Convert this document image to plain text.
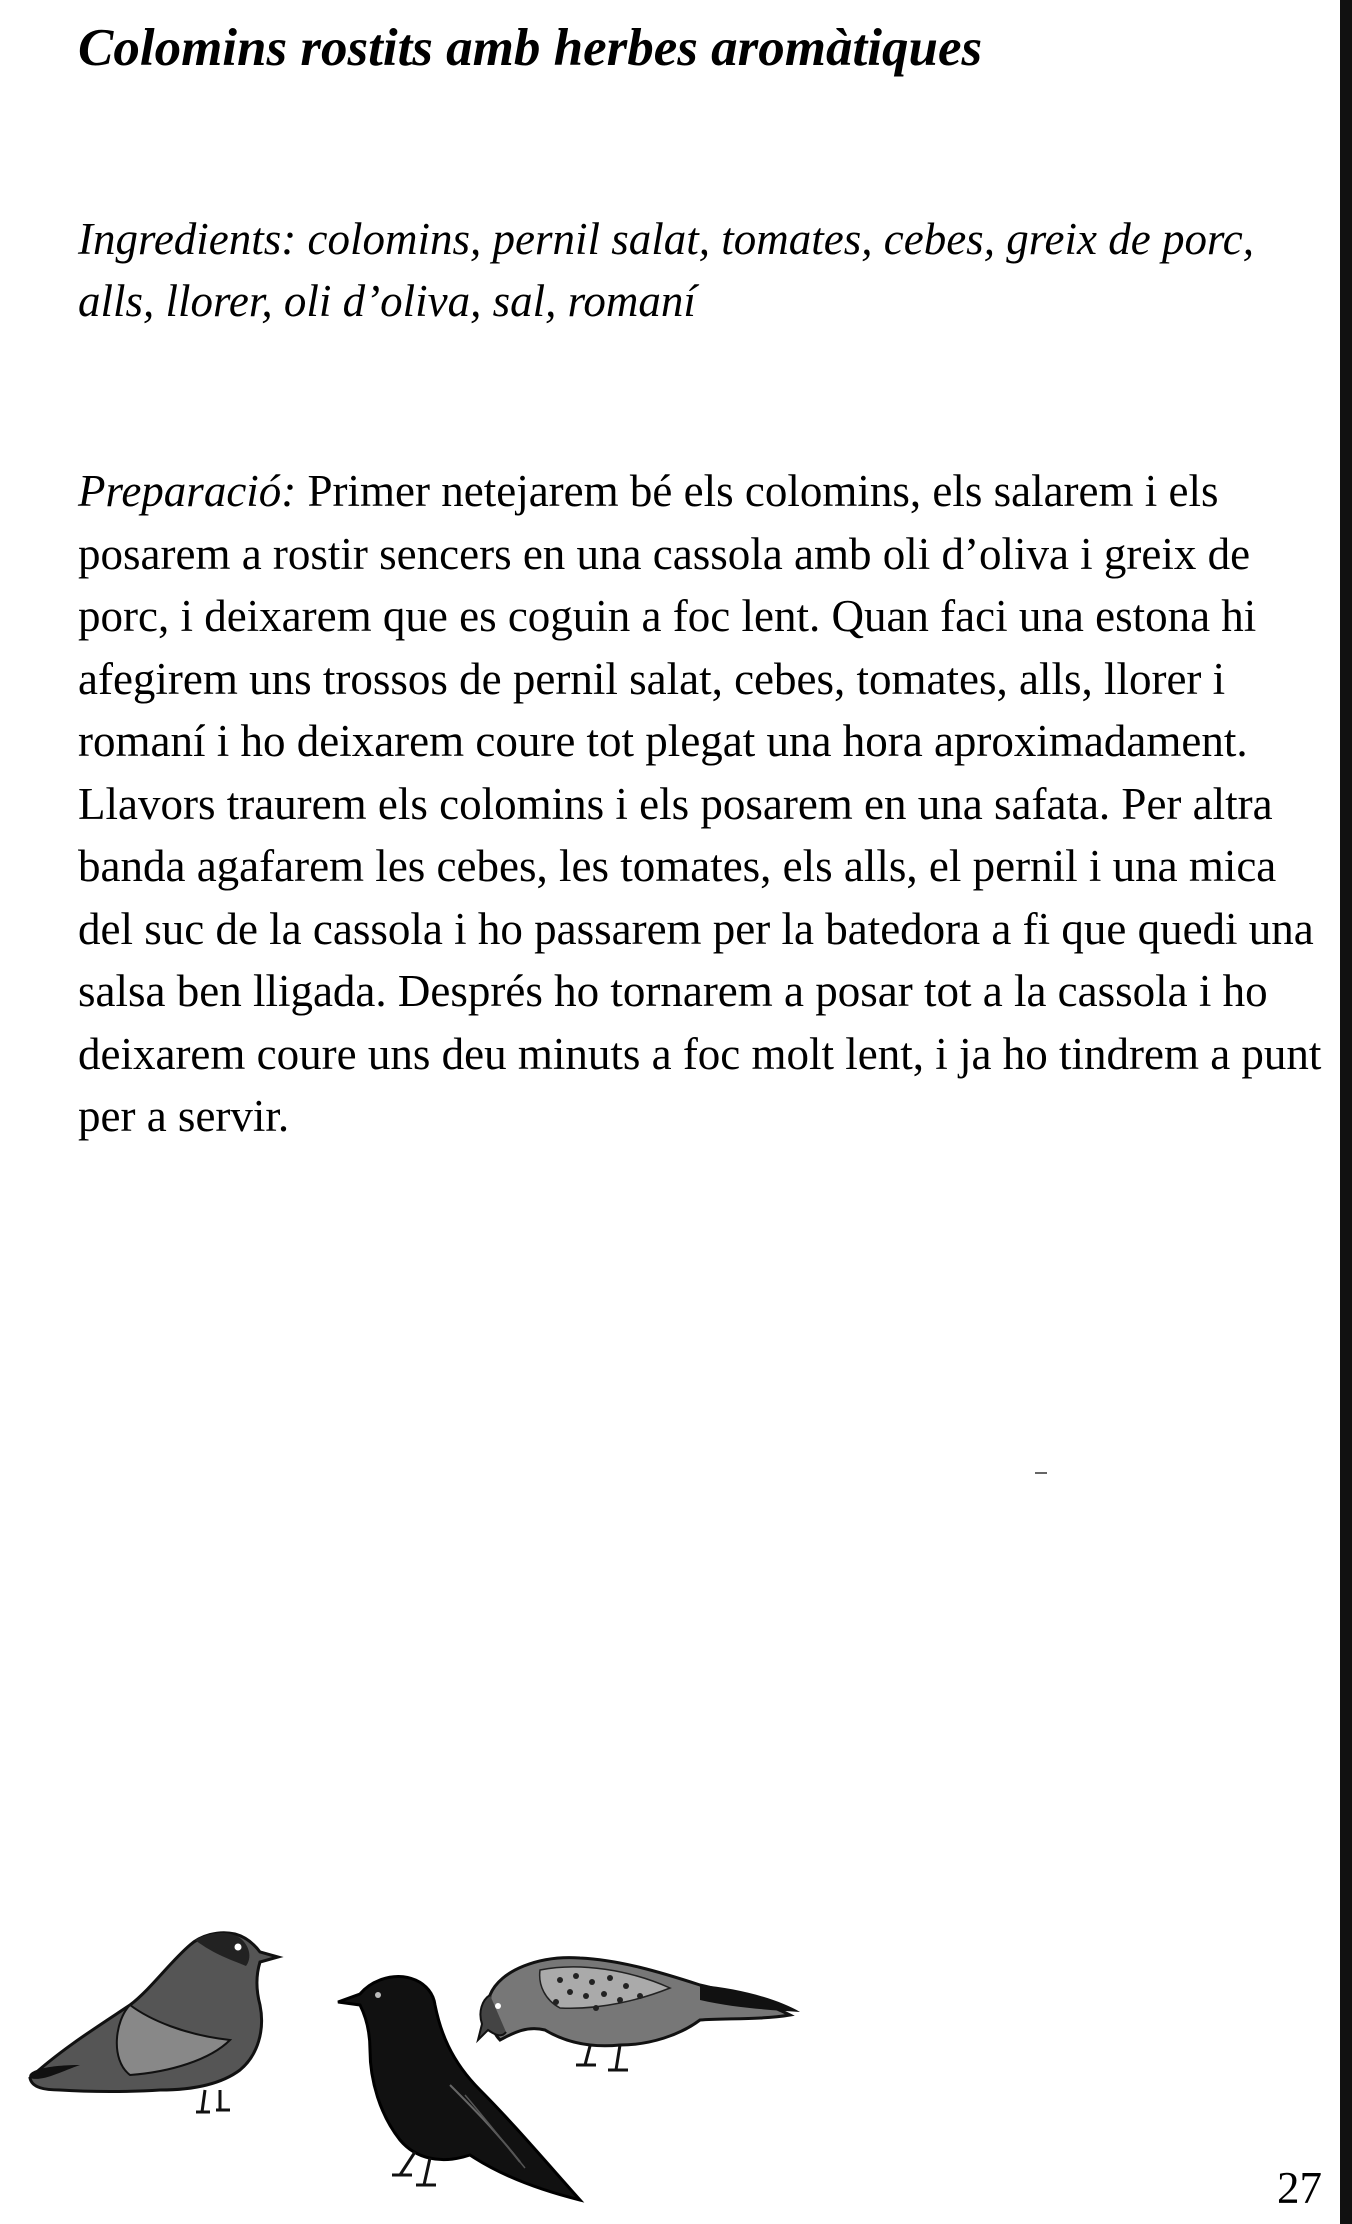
Colomins rostits amb herbes aromàtiques
Ingredients: colomins, pernil salat, tomates, cebes, greix de porc, alls, llorer, oli d’oliva, sal, romaní

Preparació: Primer netejarem bé els colomins, els salarem i els posarem a rostir sencers en una cassola amb oli d’oliva i greix de porc, i deixarem que es coguin a foc lent. Quan faci una estona hi afegirem uns trossos de pernil salat, cebes, tomates, alls, llorer i romaní i ho deixarem coure tot plegat una hora aproximadament.

Llavors traurem els colomins i els posarem en una safata. Per altra banda agafarem les cebes, les tomates, els alls, el pernil i una mica del suc de la cassola i ho passarem per la batedora a fi que quedi una salsa ben lligada. Després ho tornarem a posar tot a la cassola i ho deixarem coure uns deu minuts a foc molt lent, i ja ho tindrem a punt per a servir.

27
